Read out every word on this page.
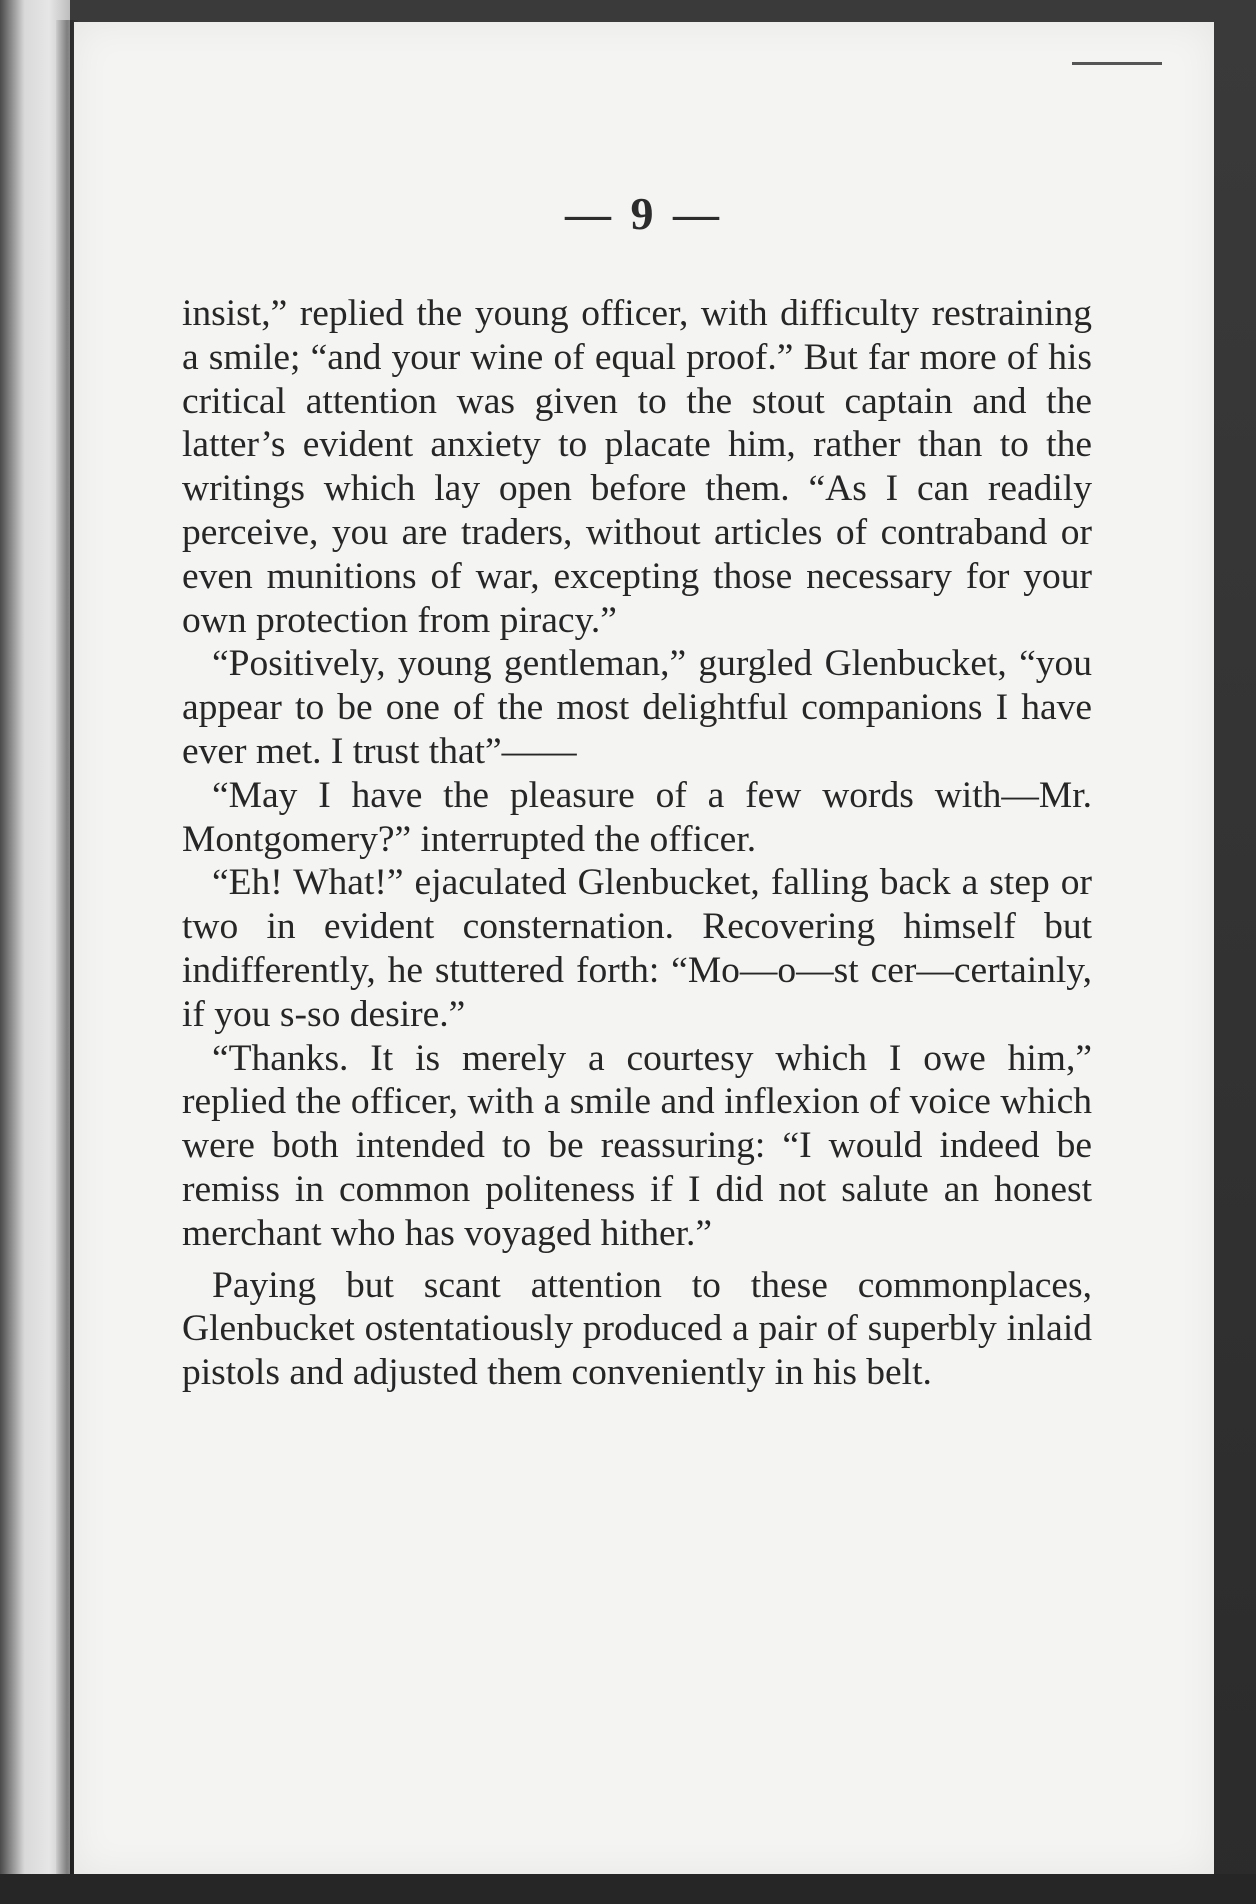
— 9 —

insist,” replied the young officer, with difficulty restraining a smile; “and your wine of equal proof.” But far more of his critical attention was given to the stout captain and the latter’s evident anxiety to placate him, rather than to the writings which lay open before them. “As I can readily perceive, you are traders, without articles of contraband or even munitions of war, excepting those necessary for your own protection from piracy.”

“Positively, young gentleman,” gurgled Glenbucket, “you appear to be one of the most delightful companions I have ever met. I trust that”——

“May I have the pleasure of a few words with—Mr. Montgomery?” interrupted the officer.

“Eh! What!” ejaculated Glenbucket, falling back a step or two in evident consternation. Recovering himself but indifferently, he stuttered forth: “Mo—o—st cer—certainly, if you s-so desire.”

“Thanks. It is merely a courtesy which I owe him,” replied the officer, with a smile and inflexion of voice which were both intended to be reassuring: “I would indeed be remiss in common politeness if I did not salute an honest merchant who has voyaged hither.”

Paying but scant attention to these commonplaces, Glenbucket ostentatiously produced a pair of superbly inlaid pistols and adjusted them conveniently in his belt.
